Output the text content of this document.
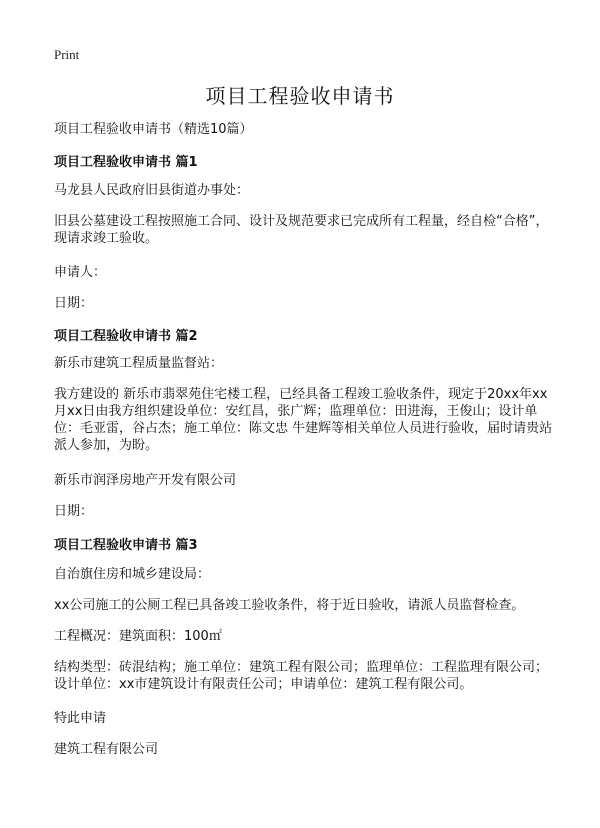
Print
项目工程验收申请书
项目工程验收申请书（精选10篇）
项目工程验收申请书 篇1
马龙县人民政府旧县街道办事处：
旧县公墓建设工程按照施工合同、设计及规范要求已完成所有工程量，经自检“合格”，现请求竣工验收。
申请人：
日期：
项目工程验收申请书 篇2
新乐市建筑工程质量监督站：
我方建设的 新乐市翡翠苑住宅楼工程，已经具备工程竣工验收条件，现定于20xx年xx月xx日由我方组织建设单位：安红昌，张广辉；监理单位：田进海，王俊山；设计单位：毛亚雷，谷占杰；施工单位：陈文忠 牛建辉等相关单位人员进行验收，届时请贵站派人参加，为盼。
新乐市润泽房地产开发有限公司
日期：
项目工程验收申请书 篇3
自治旗住房和城乡建设局：
xx公司施工的公厕工程已具备竣工验收条件，将于近日验收，请派人员监督检查。
工程概况：建筑面积：100㎡
结构类型：砖混结构；施工单位：建筑工程有限公司；监理单位：工程监理有限公司；设计单位：xx市建筑设计有限责任公司；申请单位：建筑工程有限公司。
特此申请
建筑工程有限公司
